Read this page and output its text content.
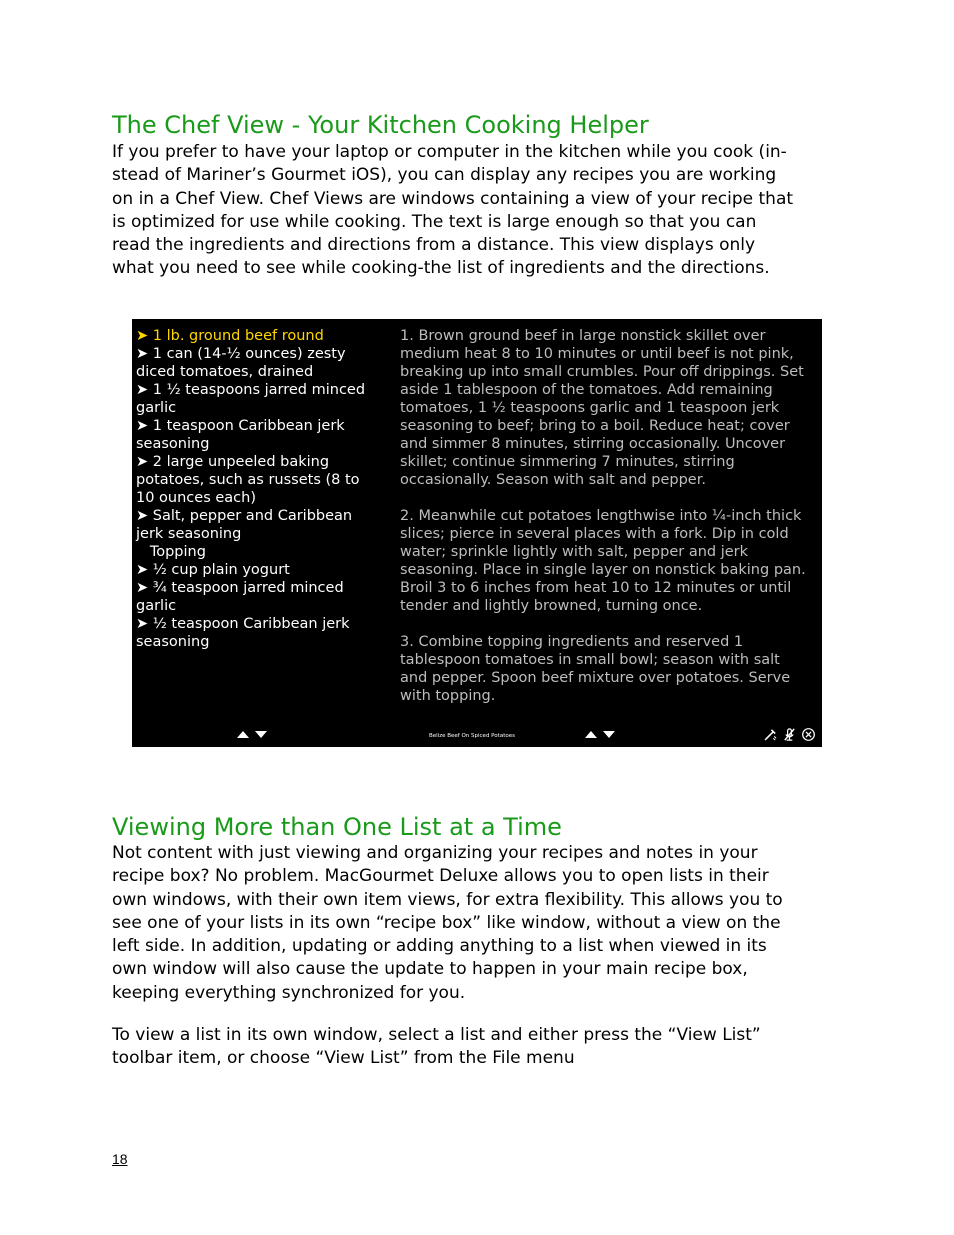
The Chef View - Your Kitchen Cooking Helper
If you prefer to have your laptop or computer in the kitchen while you cook (in-
stead of Mariner’s Gourmet iOS), you can display any recipes you are working
on in a Chef View. Chef Views are windows containing a view of your recipe that
is optimized for use while cooking. The text is large enough so that you can
read the ingredients and directions from a distance. This view displays only
what you need to see while cooking-the list of ingredients and the directions.
➤ 1 lb. ground beef round
➤ 1 can (14-½ ounces) zesty
diced tomatoes, drained
➤ 1 ½ teaspoons jarred minced
garlic
➤ 1 teaspoon Caribbean jerk
seasoning
➤ 2 large unpeeled baking
potatoes, such as russets (8 to
10 ounces each)
➤ Salt, pepper and Caribbean
jerk seasoning
Topping
➤ ½ cup plain yogurt
➤ ¾ teaspoon jarred minced
garlic
➤ ½ teaspoon Caribbean jerk
seasoning
1. Brown ground beef in large nonstick skillet over
medium heat 8 to 10 minutes or until beef is not pink,
breaking up into small crumbles. Pour off drippings. Set
aside 1 tablespoon of the tomatoes. Add remaining
tomatoes, 1 ½ teaspoons garlic and 1 teaspoon jerk
seasoning to beef; bring to a boil. Reduce heat; cover
and simmer 8 minutes, stirring occasionally. Uncover
skillet; continue simmering 7 minutes, stirring
occasionally. Season with salt and pepper.
2. Meanwhile cut potatoes lengthwise into ¼-inch thick
slices; pierce in several places with a fork. Dip in cold
water; sprinkle lightly with salt, pepper and jerk
seasoning. Place in single layer on nonstick baking pan.
Broil 3 to 6 inches from heat 10 to 12 minutes or until
tender and lightly browned, turning once.
3. Combine topping ingredients and reserved 1
tablespoon tomatoes in small bowl; season with salt
and pepper. Spoon beef mixture over potatoes. Serve
with topping.
Belize Beef On Spiced Potatoes
Viewing More than One List at a Time
Not content with just viewing and organizing your recipes and notes in your
recipe box? No problem. MacGourmet Deluxe allows you to open lists in their
own windows, with their own item views, for extra flexibility. This allows you to
see one of your lists in its own “recipe box” like window, without a view on the
left side. In addition, updating or adding anything to a list when viewed in its
own window will also cause the update to happen in your main recipe box,
keeping everything synchronized for you.
To view a list in its own window, select a list and either press the “View List”
toolbar item, or choose “View List” from the File menu
18
